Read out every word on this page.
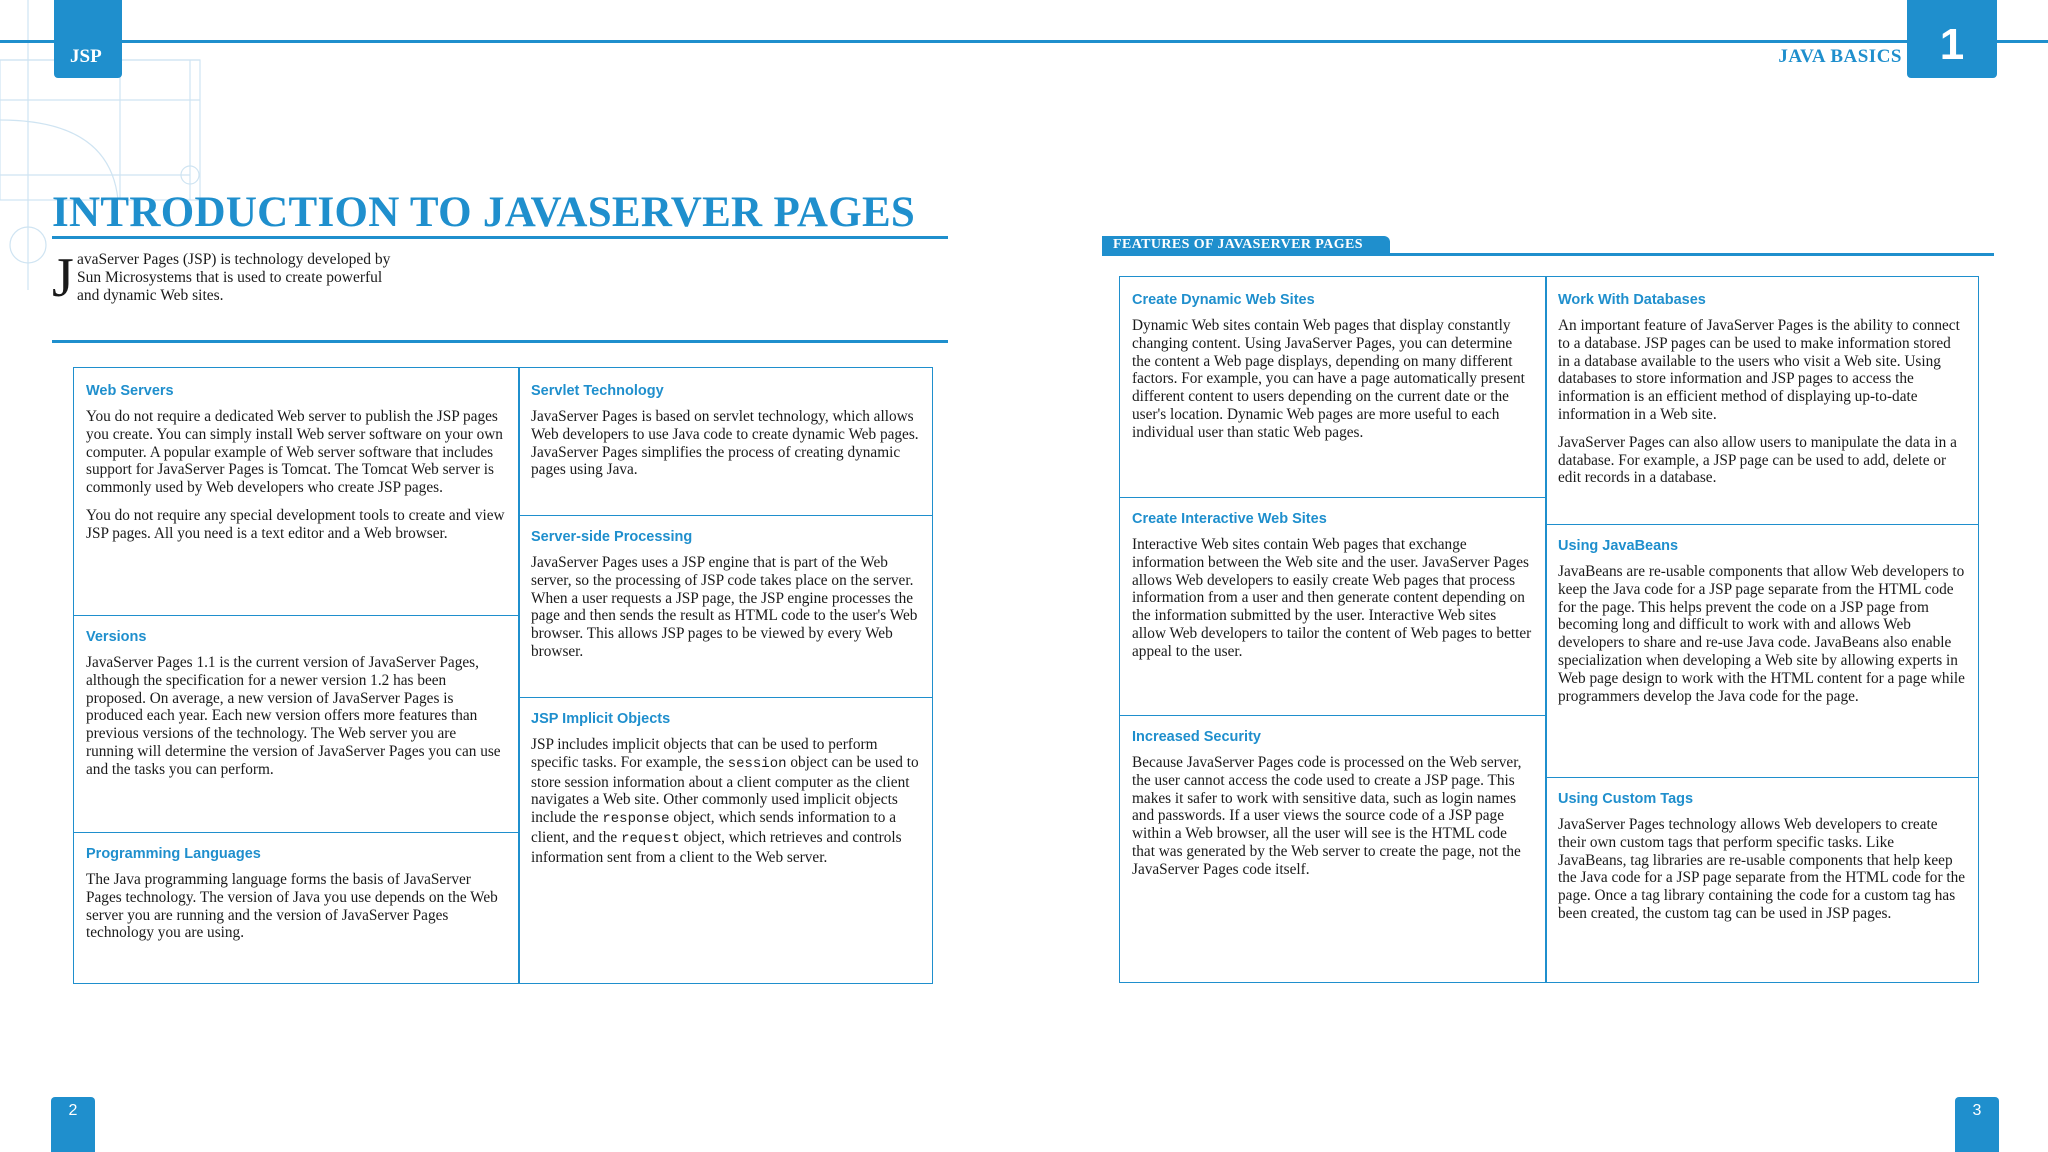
JSP	JAVA BASICS 1
INTRODUCTION TO JAVASERVER PAGES
J avaServer Pages (JSP) is technology developed by
Sun Microsystems that is used to create powerful
and dynamic Web sites.
Web Servers

You do not require a dedicated Web server to publish the JSP pages you create. You can simply install Web server software on your own computer. A popular example of Web server software that includes support for JavaServer Pages is Tomcat. The Tomcat Web server is commonly used by Web developers who create JSP pages.

You do not require any special development tools to create and view JSP pages. All you need is a text editor and a Web browser.

Versions

JavaServer Pages 1.1 is the current version of JavaServer Pages, although the specification for a newer version 1.2 has been proposed. On average, a new version of JavaServer Pages is produced each year. Each new version offers more features than previous versions of the technology. The Web server you are running will determine the version of JavaServer Pages you can use and the tasks you can perform.

Programming Languages

The Java programming language forms the basis of JavaServer Pages technology. The version of Java you use depends on the Web server you are running and the version of JavaServer Pages technology you are using.

Servlet Technology

JavaServer Pages is based on servlet technology, which allows Web developers to use Java code to create dynamic Web pages. JavaServer Pages simplifies the process of creating dynamic pages using Java.

Server-side Processing

JavaServer Pages uses a JSP engine that is part of the Web server, so the processing of JSP code takes place on the server. When a user requests a JSP page, the JSP engine processes the page and then sends the result as HTML code to the user's Web browser. This allows JSP pages to be viewed by every Web browser.

JSP Implicit Objects

JSP includes implicit objects that can be used to perform specific tasks. For example, the session object can be used to store session information about a client computer as the client navigates a Web site. Other commonly used implicit objects include the response object, which sends information to a client, and the request object, which retrieves and controls information sent from a client to the Web server.

FEATURES OF JAVASERVER PAGES
Create Dynamic Web Sites

Dynamic Web sites contain Web pages that display constantly changing content. Using JavaServer Pages, you can determine the content a Web page displays, depending on many different factors. For example, you can have a page automatically present different content to users depending on the current date or the user's location. Dynamic Web pages are more useful to each individual user than static Web pages.

Create Interactive Web Sites

Interactive Web sites contain Web pages that exchange information between the Web site and the user. JavaServer Pages allows Web developers to easily create Web pages that process information from a user and then generate content depending on the information submitted by the user. Interactive Web sites allow Web developers to tailor the content of Web pages to better appeal to the user.

Increased Security

Because JavaServer Pages code is processed on the Web server, the user cannot access the code used to create a JSP page. This makes it safer to work with sensitive data, such as login names and passwords. If a user views the source code of a JSP page within a Web browser, all the user will see is the HTML code that was generated by the Web server to create the page, not the JavaServer Pages code itself.

Work With Databases

An important feature of JavaServer Pages is the ability to connect to a database. JSP pages can be used to make information stored in a database available to the users who visit a Web site. Using databases to store information and JSP pages to access the information is an efficient method of displaying up-to-date information in a Web site.

JavaServer Pages can also allow users to manipulate the data in a database. For example, a JSP page can be used to add, delete or edit records in a database.

Using JavaBeans

JavaBeans are re-usable components that allow Web developers to keep the Java code for a JSP page separate from the HTML code for the page. This helps prevent the code on a JSP page from becoming long and difficult to work with and allows Web developers to share and re-use Java code. JavaBeans also enable specialization when developing a Web site by allowing experts in Web page design to work with the HTML content for a page while programmers develop the Java code for the page.

Using Custom Tags

JavaServer Pages technology allows Web developers to create their own custom tags that perform specific tasks. Like JavaBeans, tag libraries are re-usable components that help keep the Java code for a JSP page separate from the HTML code for the page. Once a tag library containing the code for a custom tag has been created, the custom tag can be used in JSP pages.

2	3
